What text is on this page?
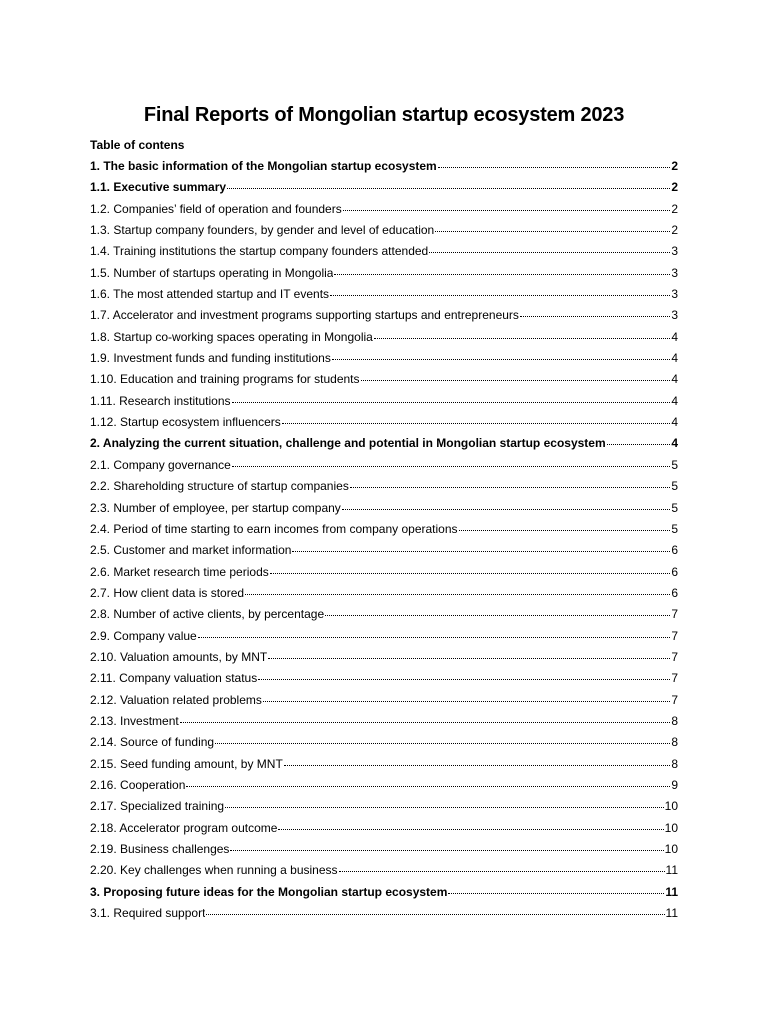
Final Reports of Mongolian startup ecosystem 2023
Table of contens
1. The basic information of the Mongolian startup ecosystem	2
1.1. Executive summary	2
1.2. Companies’ field of operation and founders	2
1.3. Startup company founders, by gender and level of education	2
1.4. Training institutions the startup company founders attended	3
1.5. Number of startups operating in Mongolia	3
1.6. The most attended startup and IT events	3
1.7. Accelerator and investment programs supporting startups and entrepreneurs	3
1.8. Startup co-working spaces operating in Mongolia	4
1.9. Investment funds and funding institutions	4
1.10. Education and training programs for students	4
1.11. Research institutions	4
1.12. Startup ecosystem influencers	4
2. Analyzing the current situation, challenge and potential in Mongolian startup ecosystem	4
2.1. Company governance	5
2.2. Shareholding structure of startup companies	5
2.3. Number of employee, per startup company	5
2.4. Period of time starting to earn incomes from company operations	5
2.5. Customer and market information	6
2.6. Market research time periods	6
2.7. How client data is stored	6
2.8. Number of active clients, by percentage	7
2.9. Company value	7
2.10. Valuation amounts, by MNT	7
2.11. Company valuation status	7
2.12. Valuation related problems	7
2.13. Investment	8
2.14. Source of funding	8
2.15. Seed funding amount, by MNT	8
2.16. Cooperation	9
2.17. Specialized training	10
2.18. Accelerator program outcome	10
2.19. Business challenges	10
2.20. Key challenges when running a business	11
3. Proposing future ideas for the Mongolian startup ecosystem	11
3.1. Required support	11
